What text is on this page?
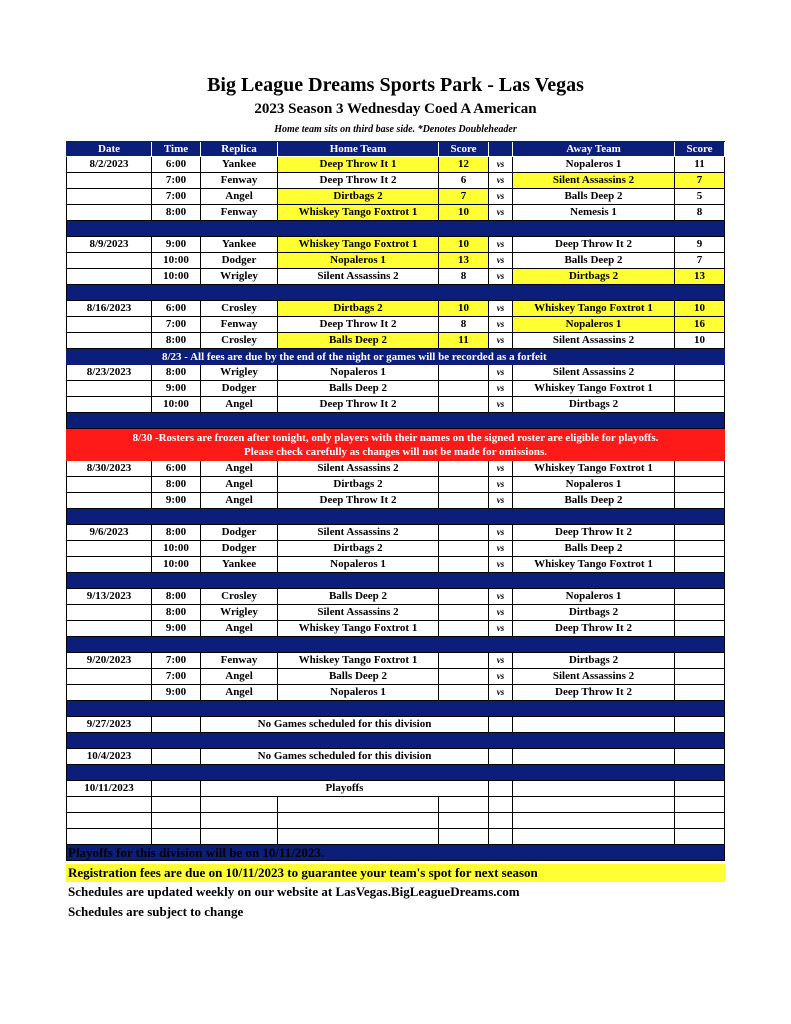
Big League Dreams Sports Park - Las Vegas
2023 Season 3 Wednesday Coed A American
Home team sits on third base side. *Denotes Doubleheader
Date	Time	Replica	Home Team	Score	Away Team	Score
8/2/2023	6:00	Yankee	Deep Throw It 1	12	vs	Nopaleros 1	11
7:00	Fenway	Deep Throw It 2	6	vs	Silent Assassins 2	7
7:00	Angel	Dirtbags 2	7	vs	Balls Deep 2	5
8:00	Fenway	Whiskey Tango Foxtrot 1	10	vs	Nemesis 1	8
8/9/2023	9:00	Yankee	Whiskey Tango Foxtrot 1	10	vs	Deep Throw It 2	9
10:00	Dodger	Nopaleros 1	13	vs	Balls Deep 2	7
10:00	Wrigley	Silent Assassins 2	8	vs	Dirtbags 2	13
8/16/2023	6:00	Crosley	Dirtbags 2	10	vs	Whiskey Tango Foxtrot 1	10
7:00	Fenway	Deep Throw It 2	8	vs	Nopaleros 1	16
8:00	Crosley	Balls Deep 2	11	vs	Silent Assassins 2	10
8/23 - All fees are due by the end of the night or games will be recorded as a forfeit
8/23/2023	8:00	Wrigley	Nopaleros 1	vs	Silent Assassins 2
9:00	Dodger	Balls Deep 2	vs	Whiskey Tango Foxtrot 1
10:00	Angel	Deep Throw It 2	vs	Dirtbags 2
8/30 -Rosters are frozen after tonight, only players with their names on the signed roster are eligible for playoffs.
Please check carefully as changes will not be made for omissions.
8/30/2023	6:00	Angel	Silent Assassins 2	vs	Whiskey Tango Foxtrot 1
8:00	Angel	Dirtbags 2	vs	Nopaleros 1
9:00	Angel	Deep Throw It 2	vs	Balls Deep 2
9/6/2023	8:00	Dodger	Silent Assassins 2	vs	Deep Throw It 2
10:00	Dodger	Dirtbags 2	vs	Balls Deep 2
10:00	Yankee	Nopaleros 1	vs	Whiskey Tango Foxtrot 1
9/13/2023	8:00	Crosley	Balls Deep 2	vs	Nopaleros 1
8:00	Wrigley	Silent Assassins 2	vs	Dirtbags 2
9:00	Angel	Whiskey Tango Foxtrot 1	vs	Deep Throw It 2
9/20/2023	7:00	Fenway	Whiskey Tango Foxtrot 1	vs	Dirtbags 2
7:00	Angel	Balls Deep 2	vs	Silent Assassins 2
9:00	Angel	Nopaleros 1	vs	Deep Throw It 2
9/27/2023	No Games scheduled for this division
10/4/2023	No Games scheduled for this division
10/11/2023	Playoffs
Playoffs for this division will be on 10/11/2023.
Registration fees are due on 10/11/2023 to guarantee your team's spot for next season
Schedules are updated weekly on our website at LasVegas.BigLeagueDreams.com
Schedules are subject to change
